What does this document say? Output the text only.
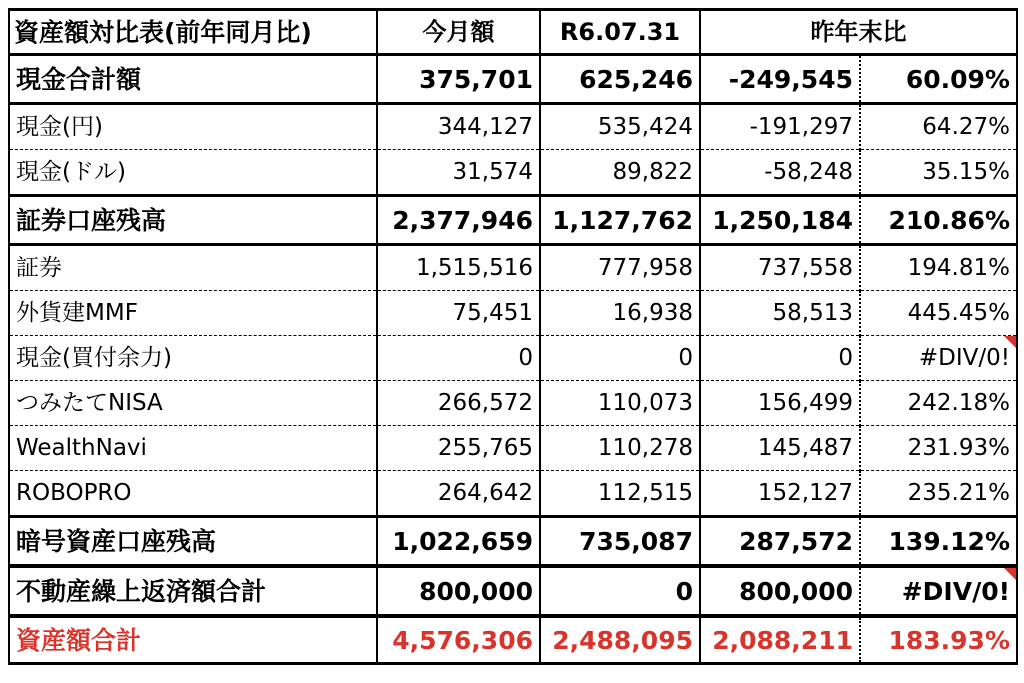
資産額対比表(前年同月比)	今月額	R6.07.31	昨年末比	
現金合計額	375,701	625,246	-249,545	60.09%
現金(円)	344,127	535,424	-191,297	64.27%
現金(ドル)	31,574	89,822	-58,248	35.15%
証券口座残高	2,377,946	1,127,762	1,250,184	210.86%
証券	1,515,516	777,958	737,558	194.81%
外貨建MMF	75,451	16,938	58,513	445.45%
現金(買付余力)	0	0	0	#DIV/0!

つみたてNISA	266,572	110,073	156,499	242.18%
WealthNavi	255,765	110,278	145,487	231.93%
ROBOPRO	264,642	112,515	152,127	235.21%
暗号資産口座残高	1,022,659	735,087	287,572	139.12%
不動産繰上返済額合計	800,000	0	800,000	#DIV/0!

資産額合計	4,576,306	2,488,095	2,088,211	183.93%
